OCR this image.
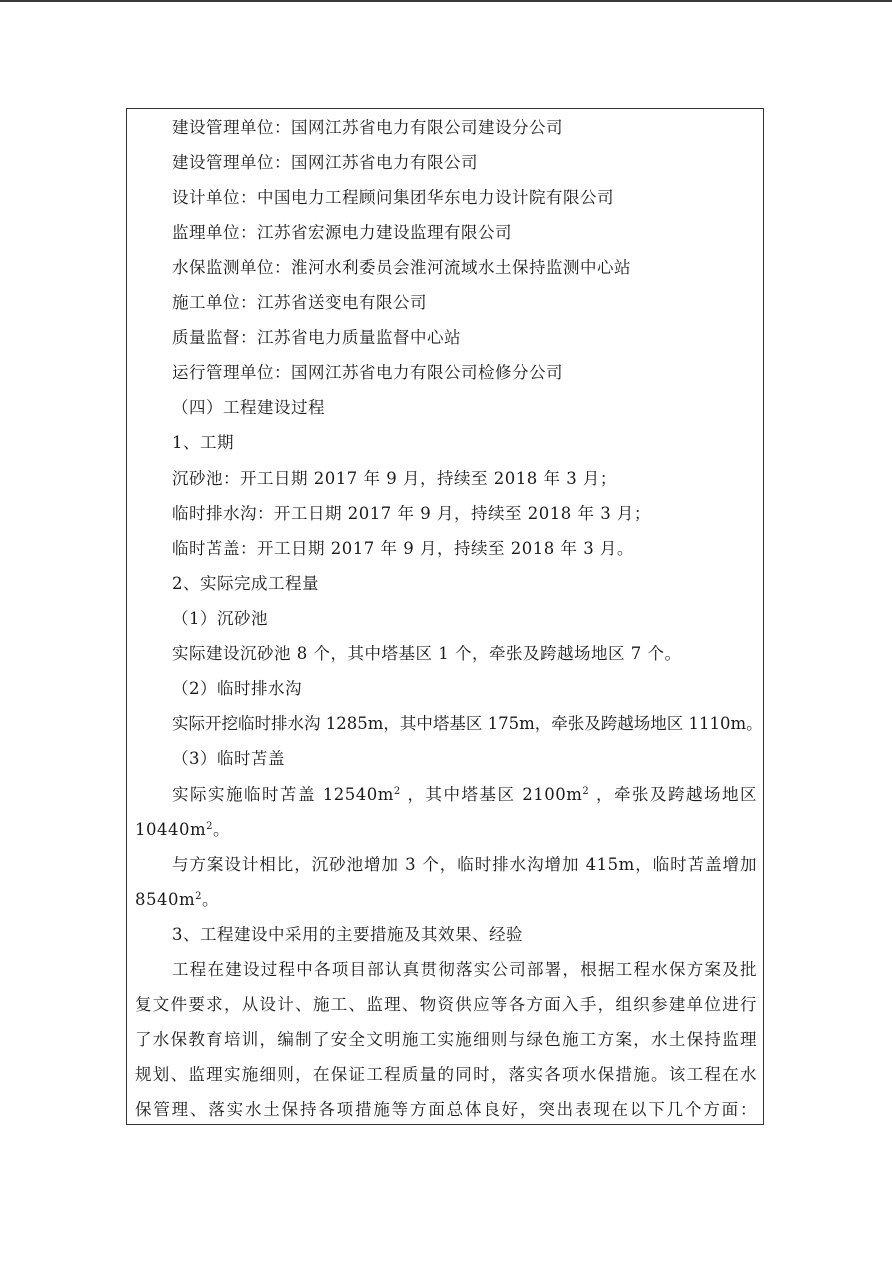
建设管理单位：国网江苏省电力有限公司建设分公司
建设管理单位：国网江苏省电力有限公司
设计单位：中国电力工程顾问集团华东电力设计院有限公司
监理单位：江苏省宏源电力建设监理有限公司
水保监测单位：淮河水利委员会淮河流域水土保持监测中心站
施工单位：江苏省送变电有限公司
质量监督：江苏省电力质量监督中心站
运行管理单位：国网江苏省电力有限公司检修分公司
（四）工程建设过程
1、工期
沉砂池：开工日期 2017 年 9 月，持续至 2018 年 3 月；
临时排水沟：开工日期 2017 年 9 月，持续至 2018 年 3 月；
临时苫盖：开工日期 2017 年 9 月，持续至 2018 年 3 月。
2、实际完成工程量
（1）沉砂池
实际建设沉砂池 8 个，其中塔基区 1 个，牵张及跨越场地区 7 个。
（2）临时排水沟
实际开挖临时排水沟 1285m，其中塔基区 175m，牵张及跨越场地区 1110m。
（3）临时苫盖
实际实施临时苫盖 $12540m^2$ ，其中塔基区 $2100m^2$ ，牵张及跨越场地区
$10440m^2$。
与方案设计相比，沉砂池增加 3 个，临时排水沟增加 415m，临时苫盖增加
$8540m^2$。
3、工程建设中采用的主要措施及其效果、经验
工程在建设过程中各项目部认真贯彻落实公司部署，根据工程水保方案及批
复文件要求，从设计、施工、监理、物资供应等各方面入手，组织参建单位进行
了水保教育培训，编制了安全文明施工实施细则与绿色施工方案，水土保持监理
规划、监理实施细则，在保证工程质量的同时，落实各项水保措施。该工程在水
保管理、落实水土保持各项措施等方面总体良好，突出表现在以下几个方面：
